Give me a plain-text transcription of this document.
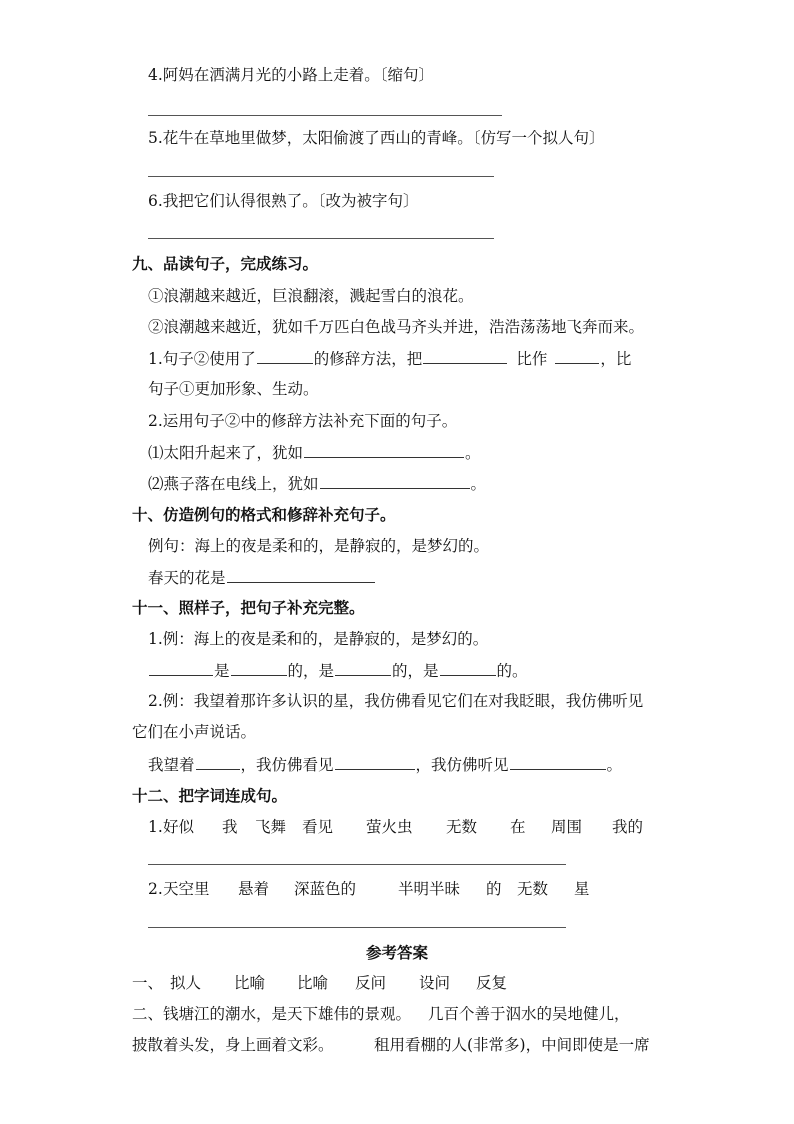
4.阿妈在洒满月光的小路上走着。〔缩句〕
5.花牛在草地里做梦，太阳偷渡了西山的青峰。〔仿写一个拟人句〕
6.我把它们认得很熟了。〔改为被字句〕
九、品读句子，完成练习。
①浪潮越来越近，巨浪翻滚，溅起雪白的浪花。
②浪潮越来越近，犹如千万匹白色战马齐头并进，浩浩荡荡地飞奔而来。
1.句子②使用了	的修辞方法，把	比作	，比
句子①更加形象、生动。
2.运用句子②中的修辞方法补充下面的句子。
⑴太阳升起来了，犹如	。
⑵燕子落在电线上，犹如	。
十、仿造例句的格式和修辞补充句子。
例句：海上的夜是柔和的，是静寂的，是梦幻的。
春天的花是
十一、照样子，把句子补充完整。
1.例：海上的夜是柔和的，是静寂的，是梦幻的。
是	的，是	的，是	的。
2.例：我望着那许多认识的星，我仿佛看见它们在对我眨眼，我仿佛听见
它们在小声说话。
我望着	，我仿佛看见	，我仿佛听见	。
十二、把字词连成句。
1. 好似 我 飞舞 看见 萤火虫 无数 在 周围 我的
2. 天空里 悬着 深蓝色的	半明半昧 的 无数 星
参考答案
一、 拟人 比喻 比喻 反问 设问 反复
二、钱塘江的潮水，是天下雄伟的景观。 几百个善于泅水的吴地健儿，
披散着头发，身上画着文彩。	租用看棚的人(非常多)，中间即使是一席
